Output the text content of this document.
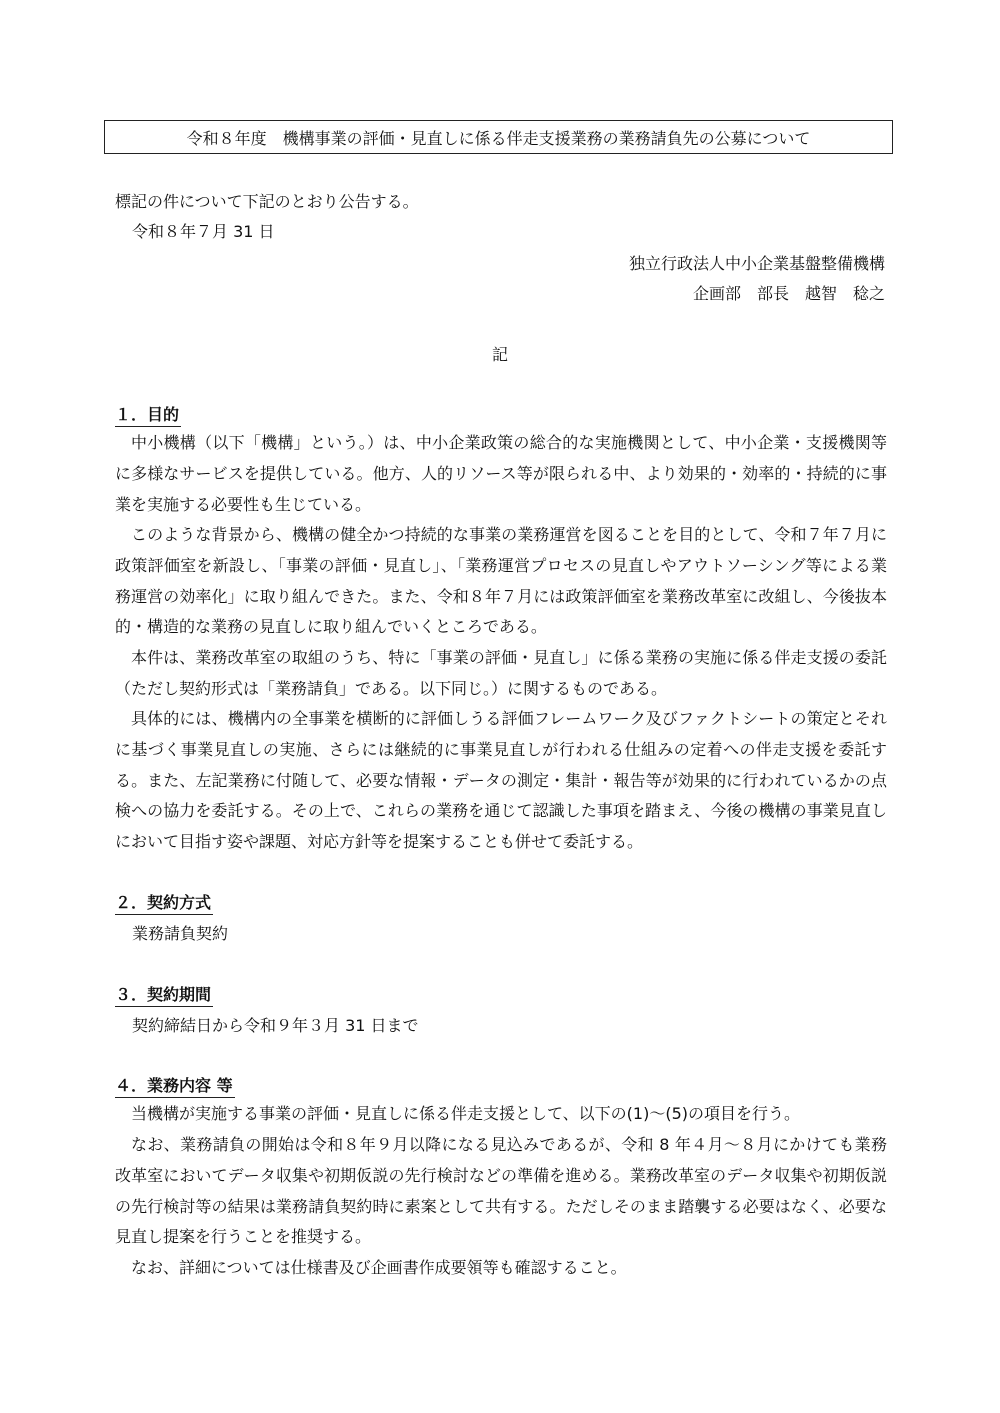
令和８年度　機構事業の評価・見直しに係る伴走支援業務の業務請負先の公募について
標記の件について下記のとおり公告する。
令和８年７月 31 日
独立行政法人中小企業基盤整備機構
企画部　部長　越智　稔之
記
１．目的
中小機構（以下「機構」という。）は、中小企業政策の総合的な実施機関として、中小企業・支援機関等に多様なサービスを提供している。他方、人的リソース等が限られる中、より効果的・効率的・持続的に事業を実施する必要性も生じている。
このような背景から、機構の健全かつ持続的な事業の業務運営を図ることを目的として、令和７年７月に政策評価室を新設し、「事業の評価・見直し」、「業務運営プロセスの見直しやアウトソーシング等による業務運営の効率化」に取り組んできた。また、令和８年７月には政策評価室を業務改革室に改組し、今後抜本的・構造的な業務の見直しに取り組んでいくところである。
本件は、業務改革室の取組のうち、特に「事業の評価・見直し」に係る業務の実施に係る伴走支援の委託（ただし契約形式は「業務請負」である。以下同じ。）に関するものである。
具体的には、機構内の全事業を横断的に評価しうる評価フレームワーク及びファクトシートの策定とそれに基づく事業見直しの実施、さらには継続的に事業見直しが行われる仕組みの定着への伴走支援を委託する。また、左記業務に付随して、必要な情報・データの測定・集計・報告等が効果的に行われているかの点検への協力を委託する。その上で、これらの業務を通じて認識した事項を踏まえ、今後の機構の事業見直しにおいて目指す姿や課題、対応方針等を提案することも併せて委託する。
２．契約方式
業務請負契約
３．契約期間
契約締結日から令和９年３月 31 日まで
４．業務内容 等
当機構が実施する事業の評価・見直しに係る伴走支援として、以下の(1)～(5)の項目を行う。
なお、業務請負の開始は令和８年９月以降になる見込みであるが、令和 8 年４月～８月にかけても業務改革室においてデータ収集や初期仮説の先行検討などの準備を進める。業務改革室のデータ収集や初期仮説の先行検討等の結果は業務請負契約時に素案として共有する。ただしそのまま踏襲する必要はなく、必要な見直し提案を行うことを推奨する。
なお、詳細については仕様書及び企画書作成要領等も確認すること。
